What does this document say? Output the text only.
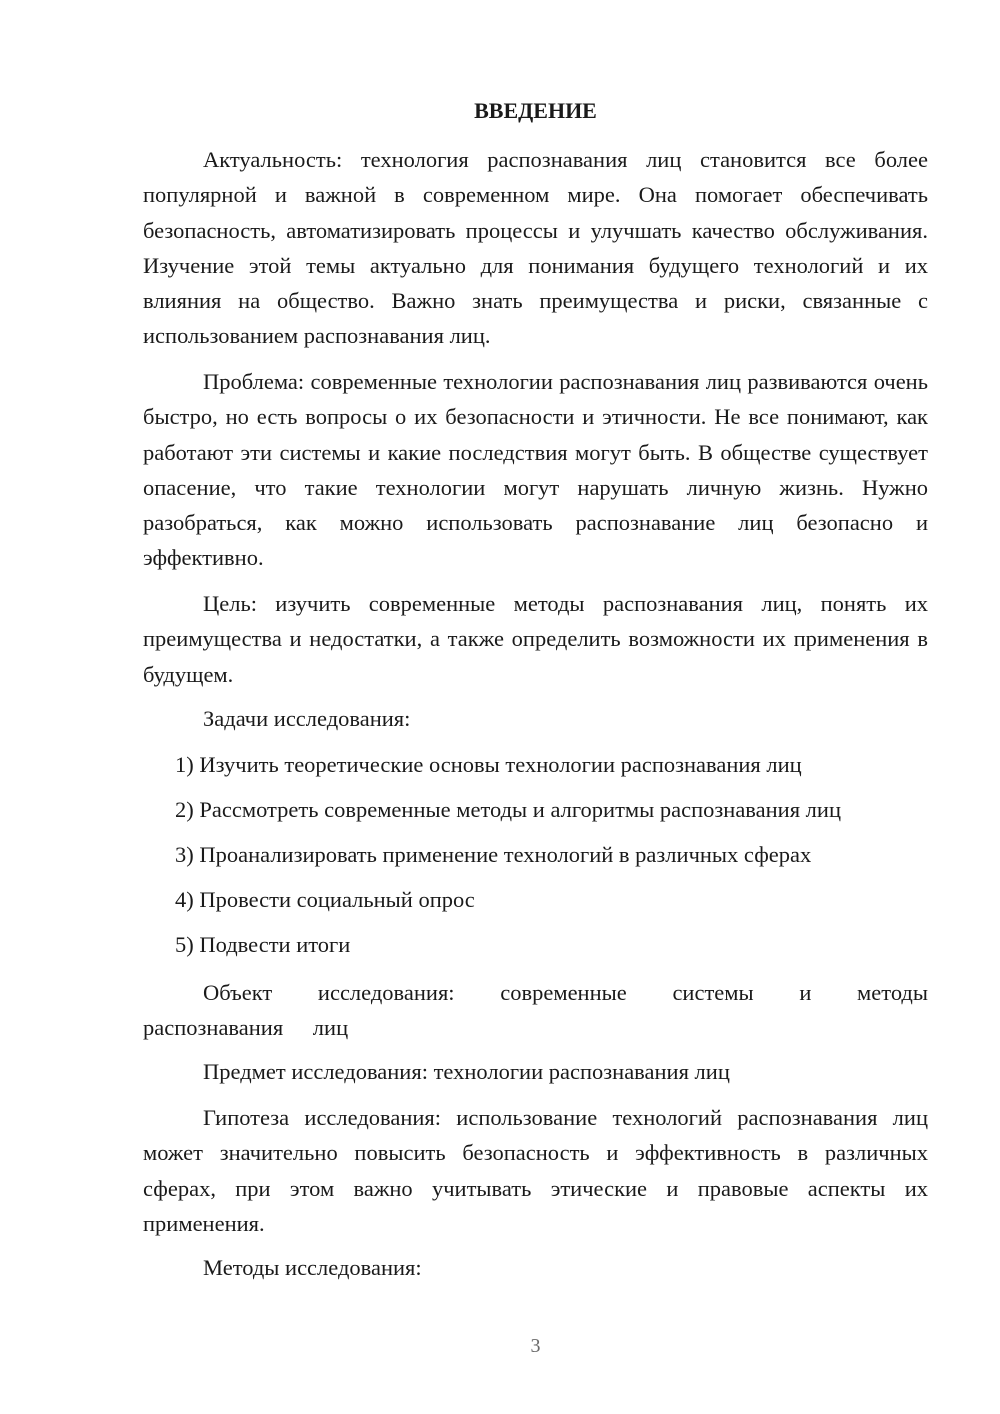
ВВЕДЕНИЕ

Актуальность: технология распознавания лиц становится все более популярной и важной в современном мире. Она помогает обеспечивать безопасность, автоматизировать процессы и улучшать качество обслуживания. Изучение этой темы актуально для понимания будущего технологий и их влияния на общество. Важно знать преимущества и риски, связанные с использованием распознавания лиц.

Проблема: современные технологии распознавания лиц развиваются очень быстро, но есть вопросы о их безопасности и этичности. Не все понимают, как работают эти системы и какие последствия могут быть. В обществе существует опасение, что такие технологии могут нарушать личную жизнь. Нужно разобраться, как можно использовать распознавание лиц безопасно и эффективно.

Цель: изучить современные методы распознавания лиц, понять их преимущества и недостатки, а также определить возможности их применения в будущем.

Задачи исследования:

1) Изучить теоретические основы технологии распознавания лиц

2) Рассмотреть современные методы и алгоритмы распознавания лиц

3) Проанализировать применение технологий в различных сферах

4) Провести социальный опрос

5) Подвести итоги

Объект исследования: современные системы и методы распознавания лиц

Предмет исследования: технологии распознавания лиц

Гипотеза исследования: использование технологий распознавания лиц может значительно повысить безопасность и эффективность в различных сферах, при этом важно учитывать этические и правовые аспекты их применения.

Методы исследования:

3
